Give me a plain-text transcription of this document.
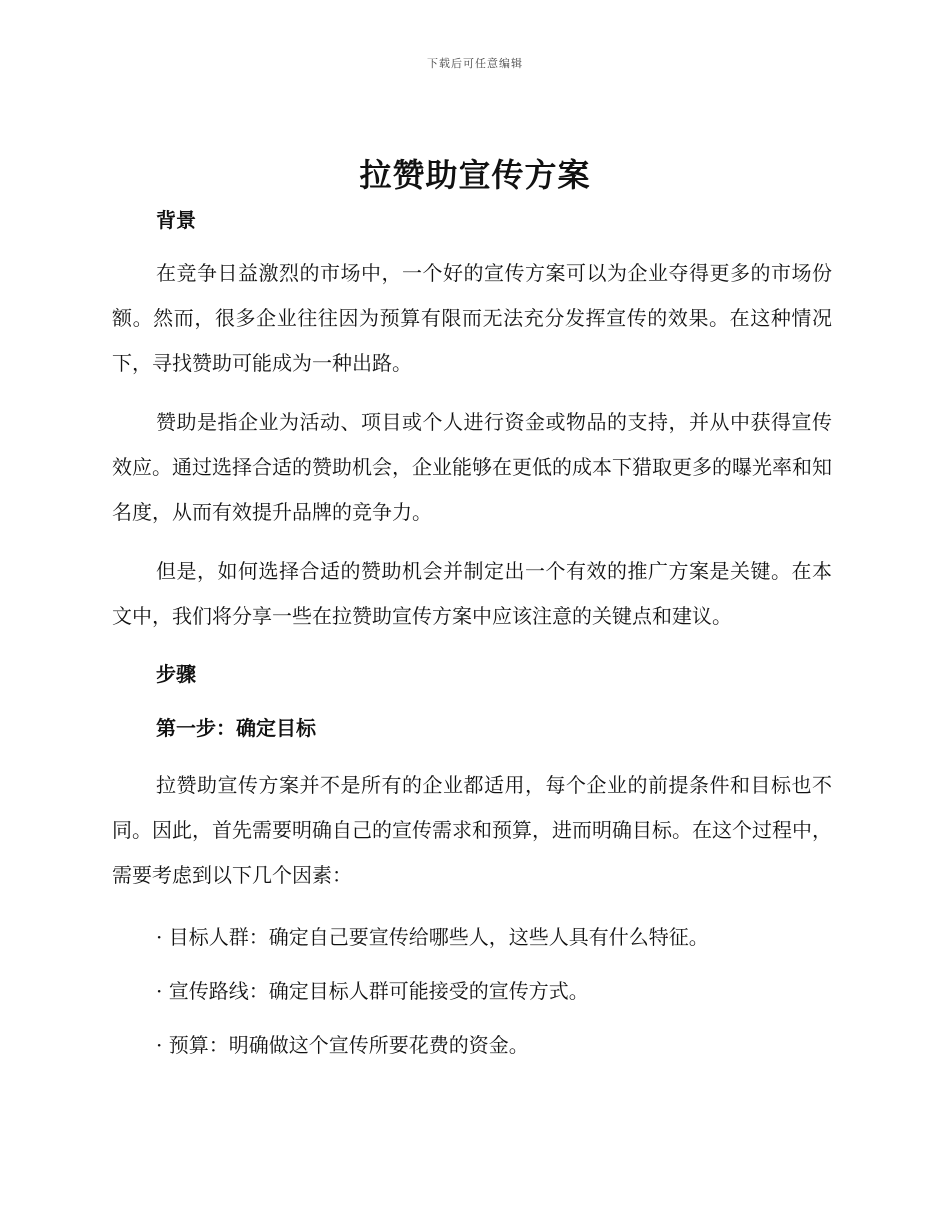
下载后可任意编辑
拉赞助宣传方案
背景

在竞争日益激烈的市场中，一个好的宣传方案可以为企业夺得更多的市场份额。然而，很多企业往往因为预算有限而无法充分发挥宣传的效果。在这种情况下，寻找赞助可能成为一种出路。

赞助是指企业为活动、项目或个人进行资金或物品的支持，并从中获得宣传效应。通过选择合适的赞助机会，企业能够在更低的成本下猎取更多的曝光率和知名度，从而有效提升品牌的竞争力。

但是，如何选择合适的赞助机会并制定出一个有效的推广方案是关键。在本文中，我们将分享一些在拉赞助宣传方案中应该注意的关键点和建议。

步骤
第一步：确定目标

拉赞助宣传方案并不是所有的企业都适用，每个企业的前提条件和目标也不同。因此，首先需要明确自己的宣传需求和预算，进而明确目标。在这个过程中，需要考虑到以下几个因素：

· 目标人群：确定自己要宣传给哪些人，这些人具有什么特征。
· 宣传路线：确定目标人群可能接受的宣传方式。
· 预算：明确做这个宣传所要花费的资金。
